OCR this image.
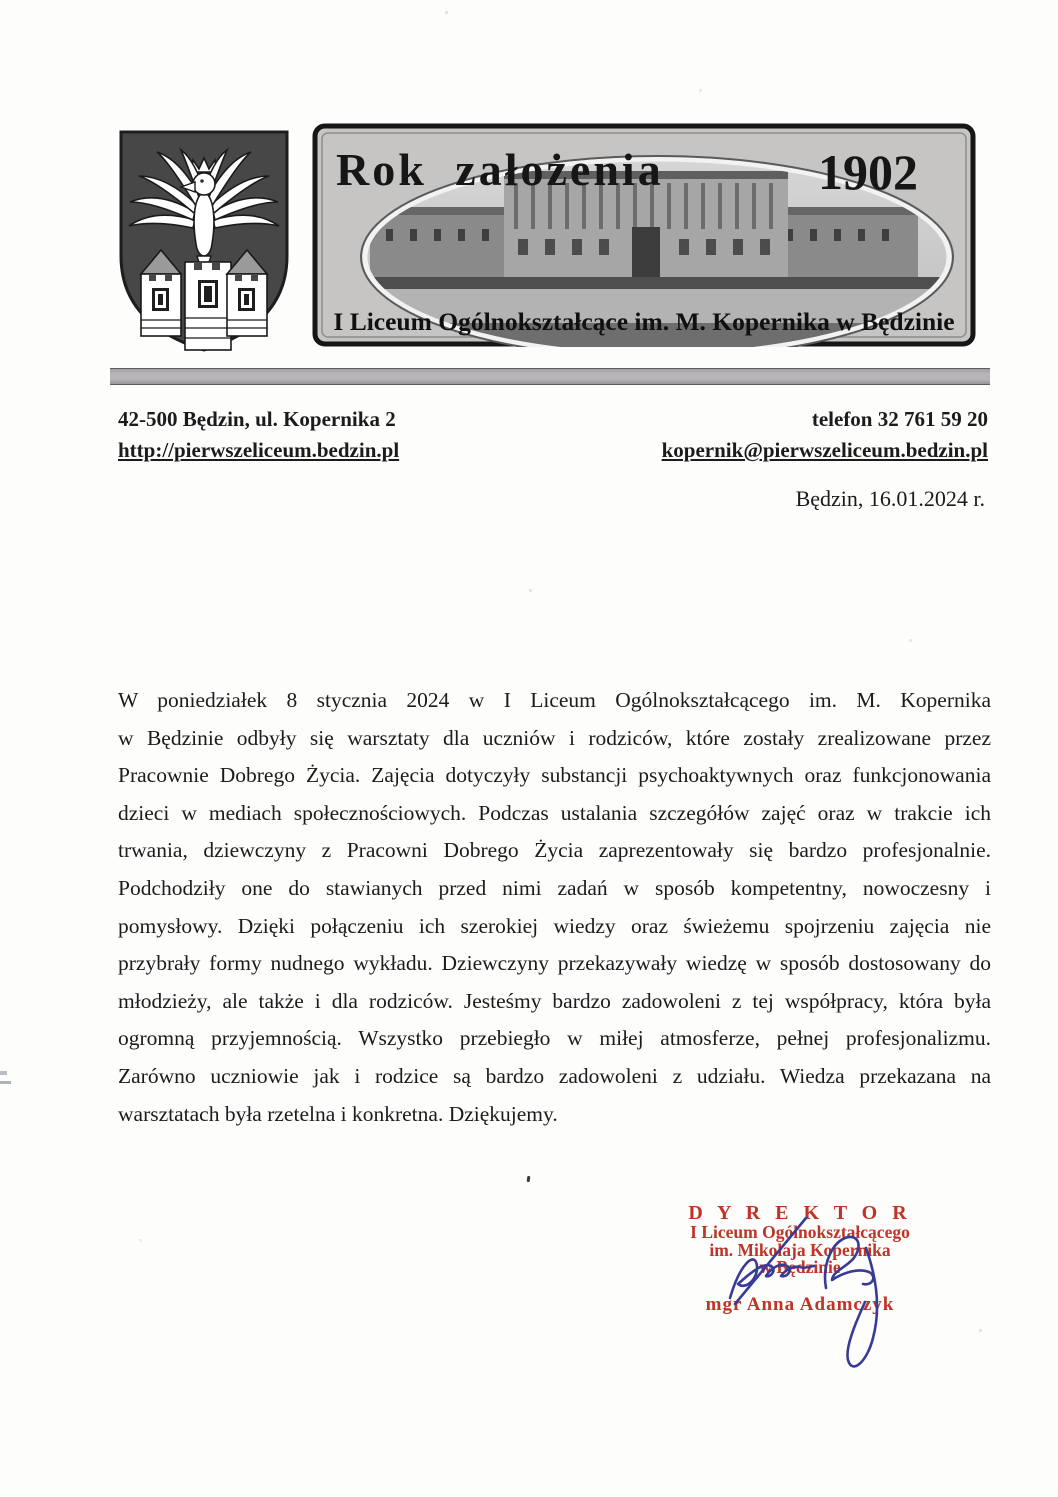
Rok założenia	1902
I Liceum Ogólnokształcące im. M. Kopernika w Będzinie
42-500 Będzin, ul. Kopernika 2
http://pierwszeliceum.bedzin.pl
telefon 32 761 59 20
kopernik@pierwszeliceum.bedzin.pl
Będzin, 16.01.2024 r.
W poniedziałek 8 stycznia 2024 w I Liceum Ogólnokształcącego im. M. Kopernika
w Będzinie odbyły się warsztaty dla uczniów i rodziców, które zostały zrealizowane przez
Pracownie Dobrego Życia. Zajęcia dotyczyły substancji psychoaktywnych oraz funkcjonowania
dzieci w mediach społecznościowych. Podczas ustalania szczegółów zajęć oraz w trakcie ich
trwania, dziewczyny z Pracowni Dobrego Życia zaprezentowały się bardzo profesjonalnie.
Podchodziły one do stawianych przed nimi zadań w sposób kompetentny, nowoczesny i
pomysłowy. Dzięki połączeniu ich szerokiej wiedzy oraz świeżemu spojrzeniu zajęcia nie
przybrały formy nudnego wykładu. Dziewczyny przekazywały wiedzę w sposób dostosowany do
młodzieży, ale także i dla rodziców. Jesteśmy bardzo zadowoleni z tej współpracy, która była
ogromną przyjemnością. Wszystko przebiegło w miłej atmosferze, pełnej profesjonalizmu.
Zarówno uczniowie jak i rodzice są bardzo zadowoleni z udziału. Wiedza przekazana na
warsztatach była rzetelna i konkretna. Dziękujemy.
D Y R E K T O R
I Liceum Ogólnokształcącego
im. Mikołaja Kopernika
w Będzinie
mgr Anna Adamczyk
